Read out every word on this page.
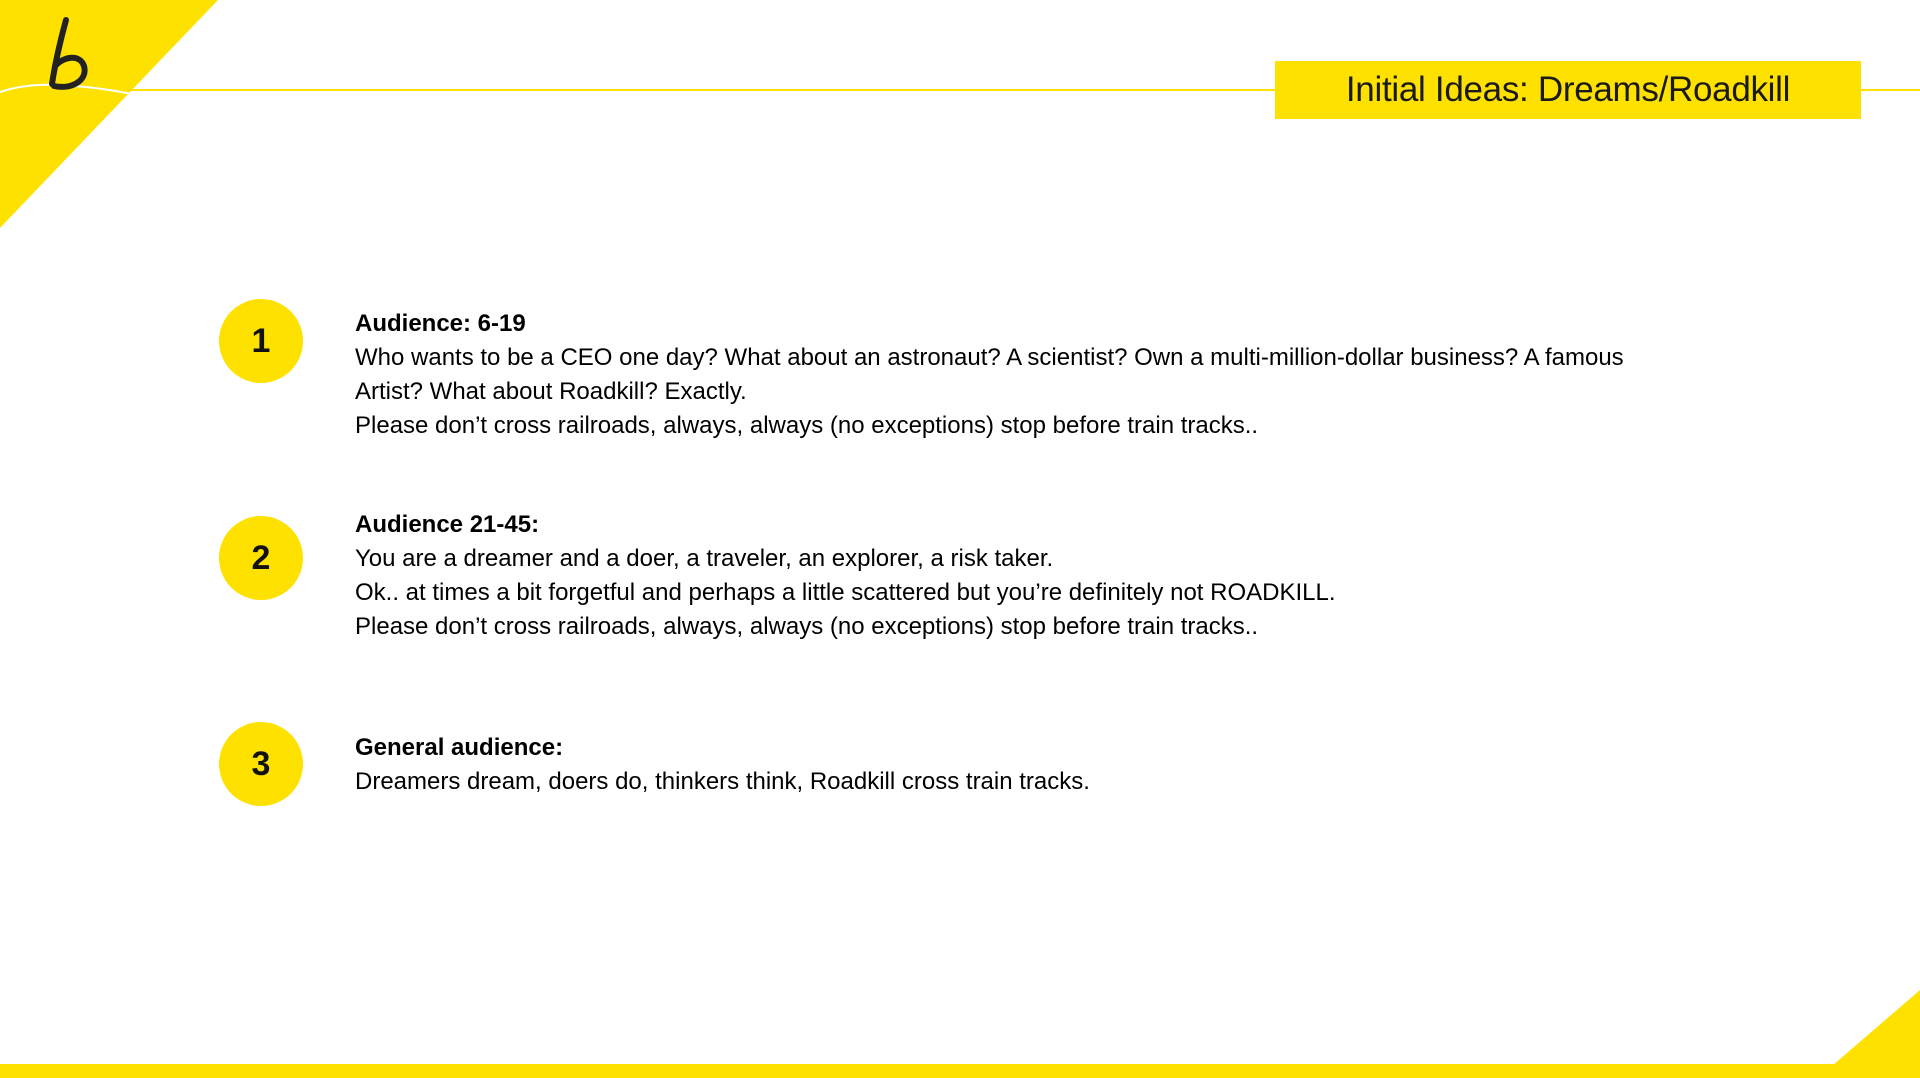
Initial Ideas: Dreams/Roadkill
1	Audience: 6-19
Who wants to be a CEO one day? What about an astronaut? A scientist? Own a multi-million-dollar business? A famous
Artist? What about Roadkill? Exactly.
Please don’t cross railroads, always, always (no exceptions) stop before train tracks..
2
Audience 21-45:
You are a dreamer and a doer, a traveler, an explorer, a risk taker.
Ok.. at times a bit forgetful and perhaps a little scattered but you’re definitely not ROADKILL.
Please don’t cross railroads, always, always (no exceptions) stop before train tracks..
3	General audience:
Dreamers dream, doers do, thinkers think, Roadkill cross train tracks.
